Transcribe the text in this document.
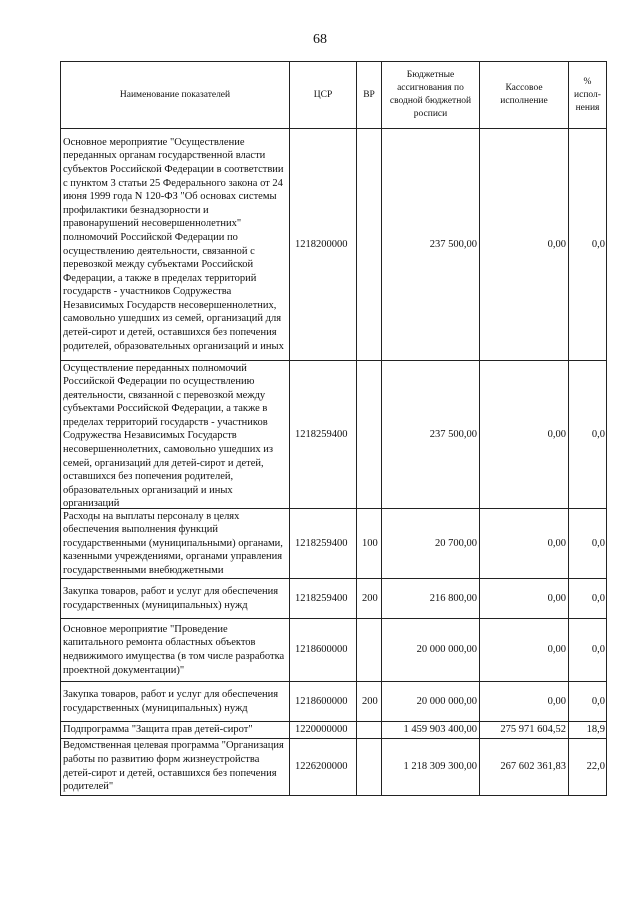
68
Наименование показателей	ЦСР	ВР	Бюджетные ассигнования по сводной бюджетной росписи	Кассовое исполнение	% испол-нения
Основное мероприятие "Осуществление переданных органам государственной власти субъектов Российской Федерации в соответствии с пунктом 3 статьи 25 Федерального закона от 24 июня 1999 года N 120-ФЗ "Об основах системы профилактики безнадзорности и правонарушений несовершеннолетних" полномочий Российской Федерации по осуществлению деятельности, связанной с перевозкой между субъектами Российской Федерации, а также в пределах территорий государств - участников Содружества Независимых Государств несовершеннолетних, самовольно ушедших из семей, организаций для детей-сирот и детей, оставшихся без попечения родителей, образовательных организаций и иных	1218200000		237 500,00	0,00	0,0

Осуществление переданных полномочий Российской Федерации по осуществлению деятельности, связанной с перевозкой между субъектами Российской Федерации, а также в пределах территорий государств - участников Содружества Независимых Государств несовершеннолетних, самовольно ушедших из семей, организаций для детей-сирот и детей, оставшихся без попечения родителей, образовательных организаций и иных организаций	1218259400		237 500,00	0,00	0,0
Расходы на выплаты персоналу в целях обеспечения выполнения функций государственными (муниципальными) органами, казенными учреждениями, органами управления государственными внебюджетными	1218259400	100	20 700,00	0,00	0,0
Закупка товаров, работ и услуг для обеспечения государственных (муниципальных) нужд	1218259400	200	216 800,00	0,00	0,0
Основное мероприятие "Проведение капитального ремонта областных объектов недвижимого имущества (в том числе разработка проектной документации)"	1218600000		20 000 000,00	0,00	0,0
Закупка товаров, работ и услуг для обеспечения государственных (муниципальных) нужд	1218600000	200	20 000 000,00	0,00	0,0
Подпрограмма "Защита прав детей-сирот"	1220000000		1 459 903 400,00	275 971 604,52	18,9
Ведомственная целевая программа "Организация работы по развитию форм жизнеустройства детей-сирот и детей, оставшихся без попечения родителей"	1226200000		1 218 309 300,00	267 602 361,83	22,0
